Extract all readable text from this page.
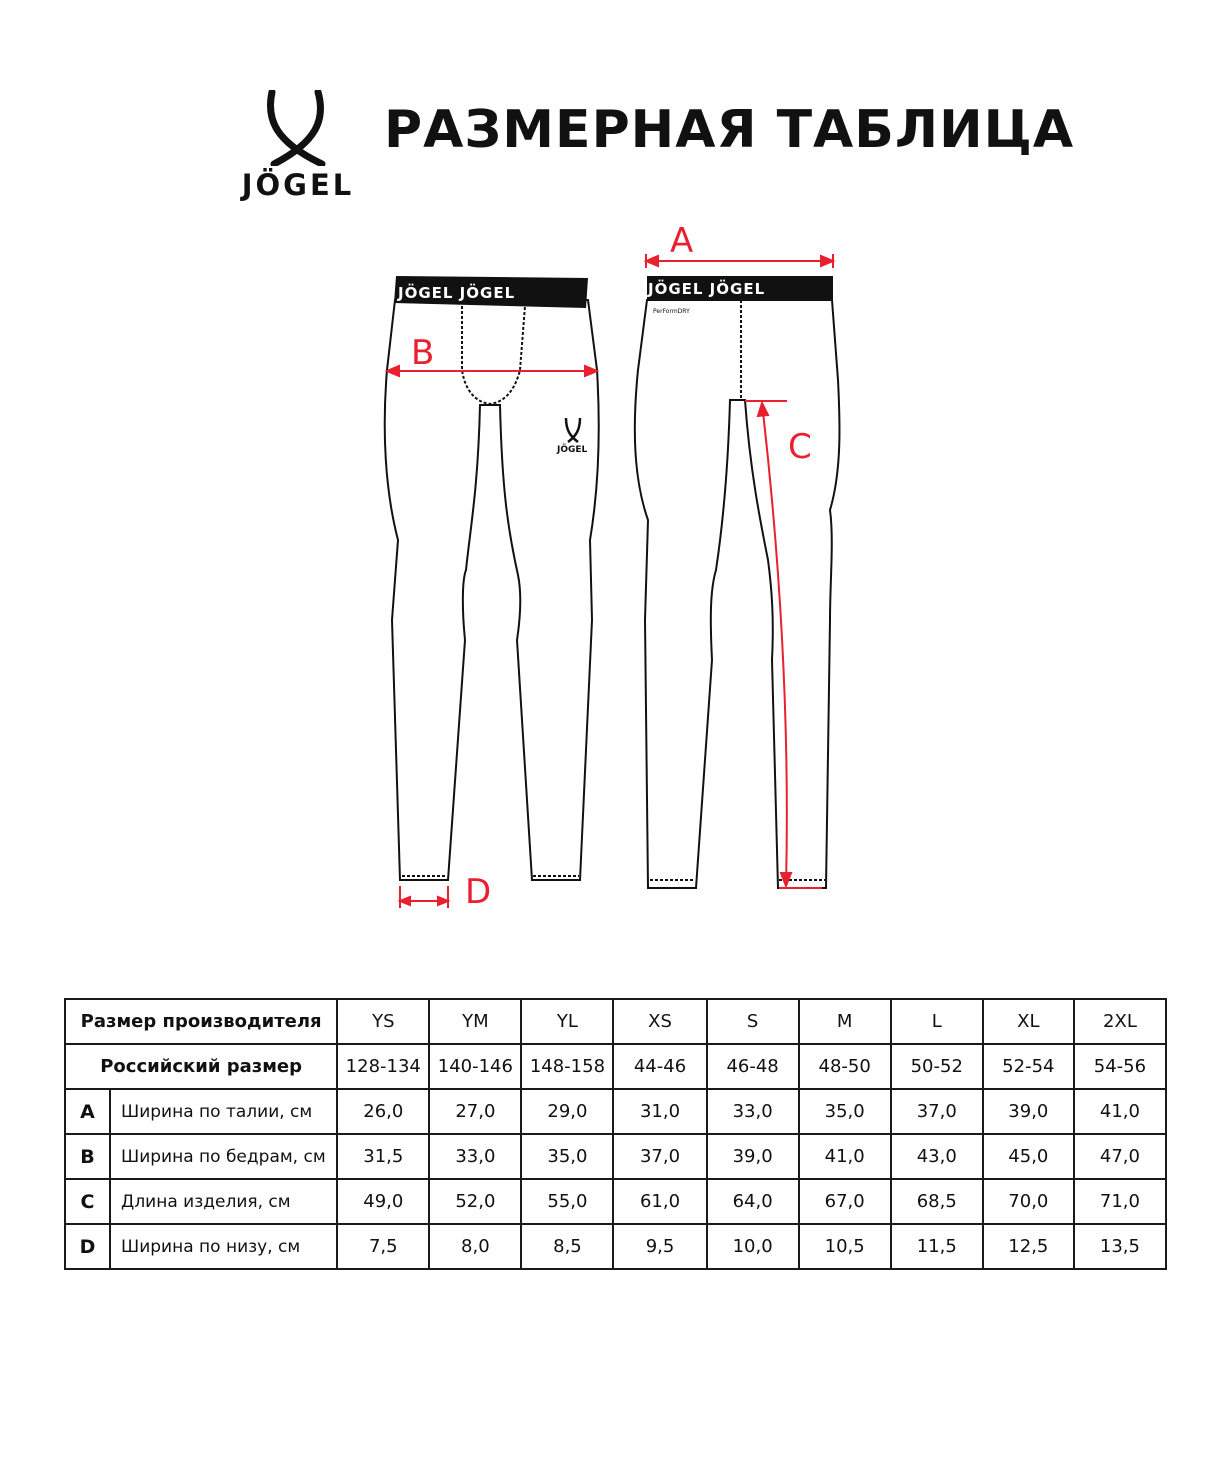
JÖGEL
РАЗМЕРНАЯ ТАБЛИЦА
JÖGEL JÖGEL
JÖGEL
JÖGEL JÖGEL
PerFormDRY
A
B
C
D
Размер производителя		YS	YM	YL	XS	S	M	L	XL	2XL
Российский размер		128-134	140-146	148-158	44-46	46-48	48-50	50-52	52-54	54-56
A	Ширина по талии, см	26,0	27,0	29,0	31,0	33,0	35,0	37,0	39,0	41,0
B	Ширина по бедрам, см	31,5	33,0	35,0	37,0	39,0	41,0	43,0	45,0	47,0
C	Длина изделия, см	49,0	52,0	55,0	61,0	64,0	67,0	68,5	70,0	71,0
D	Ширина по низу, см	7,5	8,0	8,5	9,5	10,0	10,5	11,5	12,5	13,5
